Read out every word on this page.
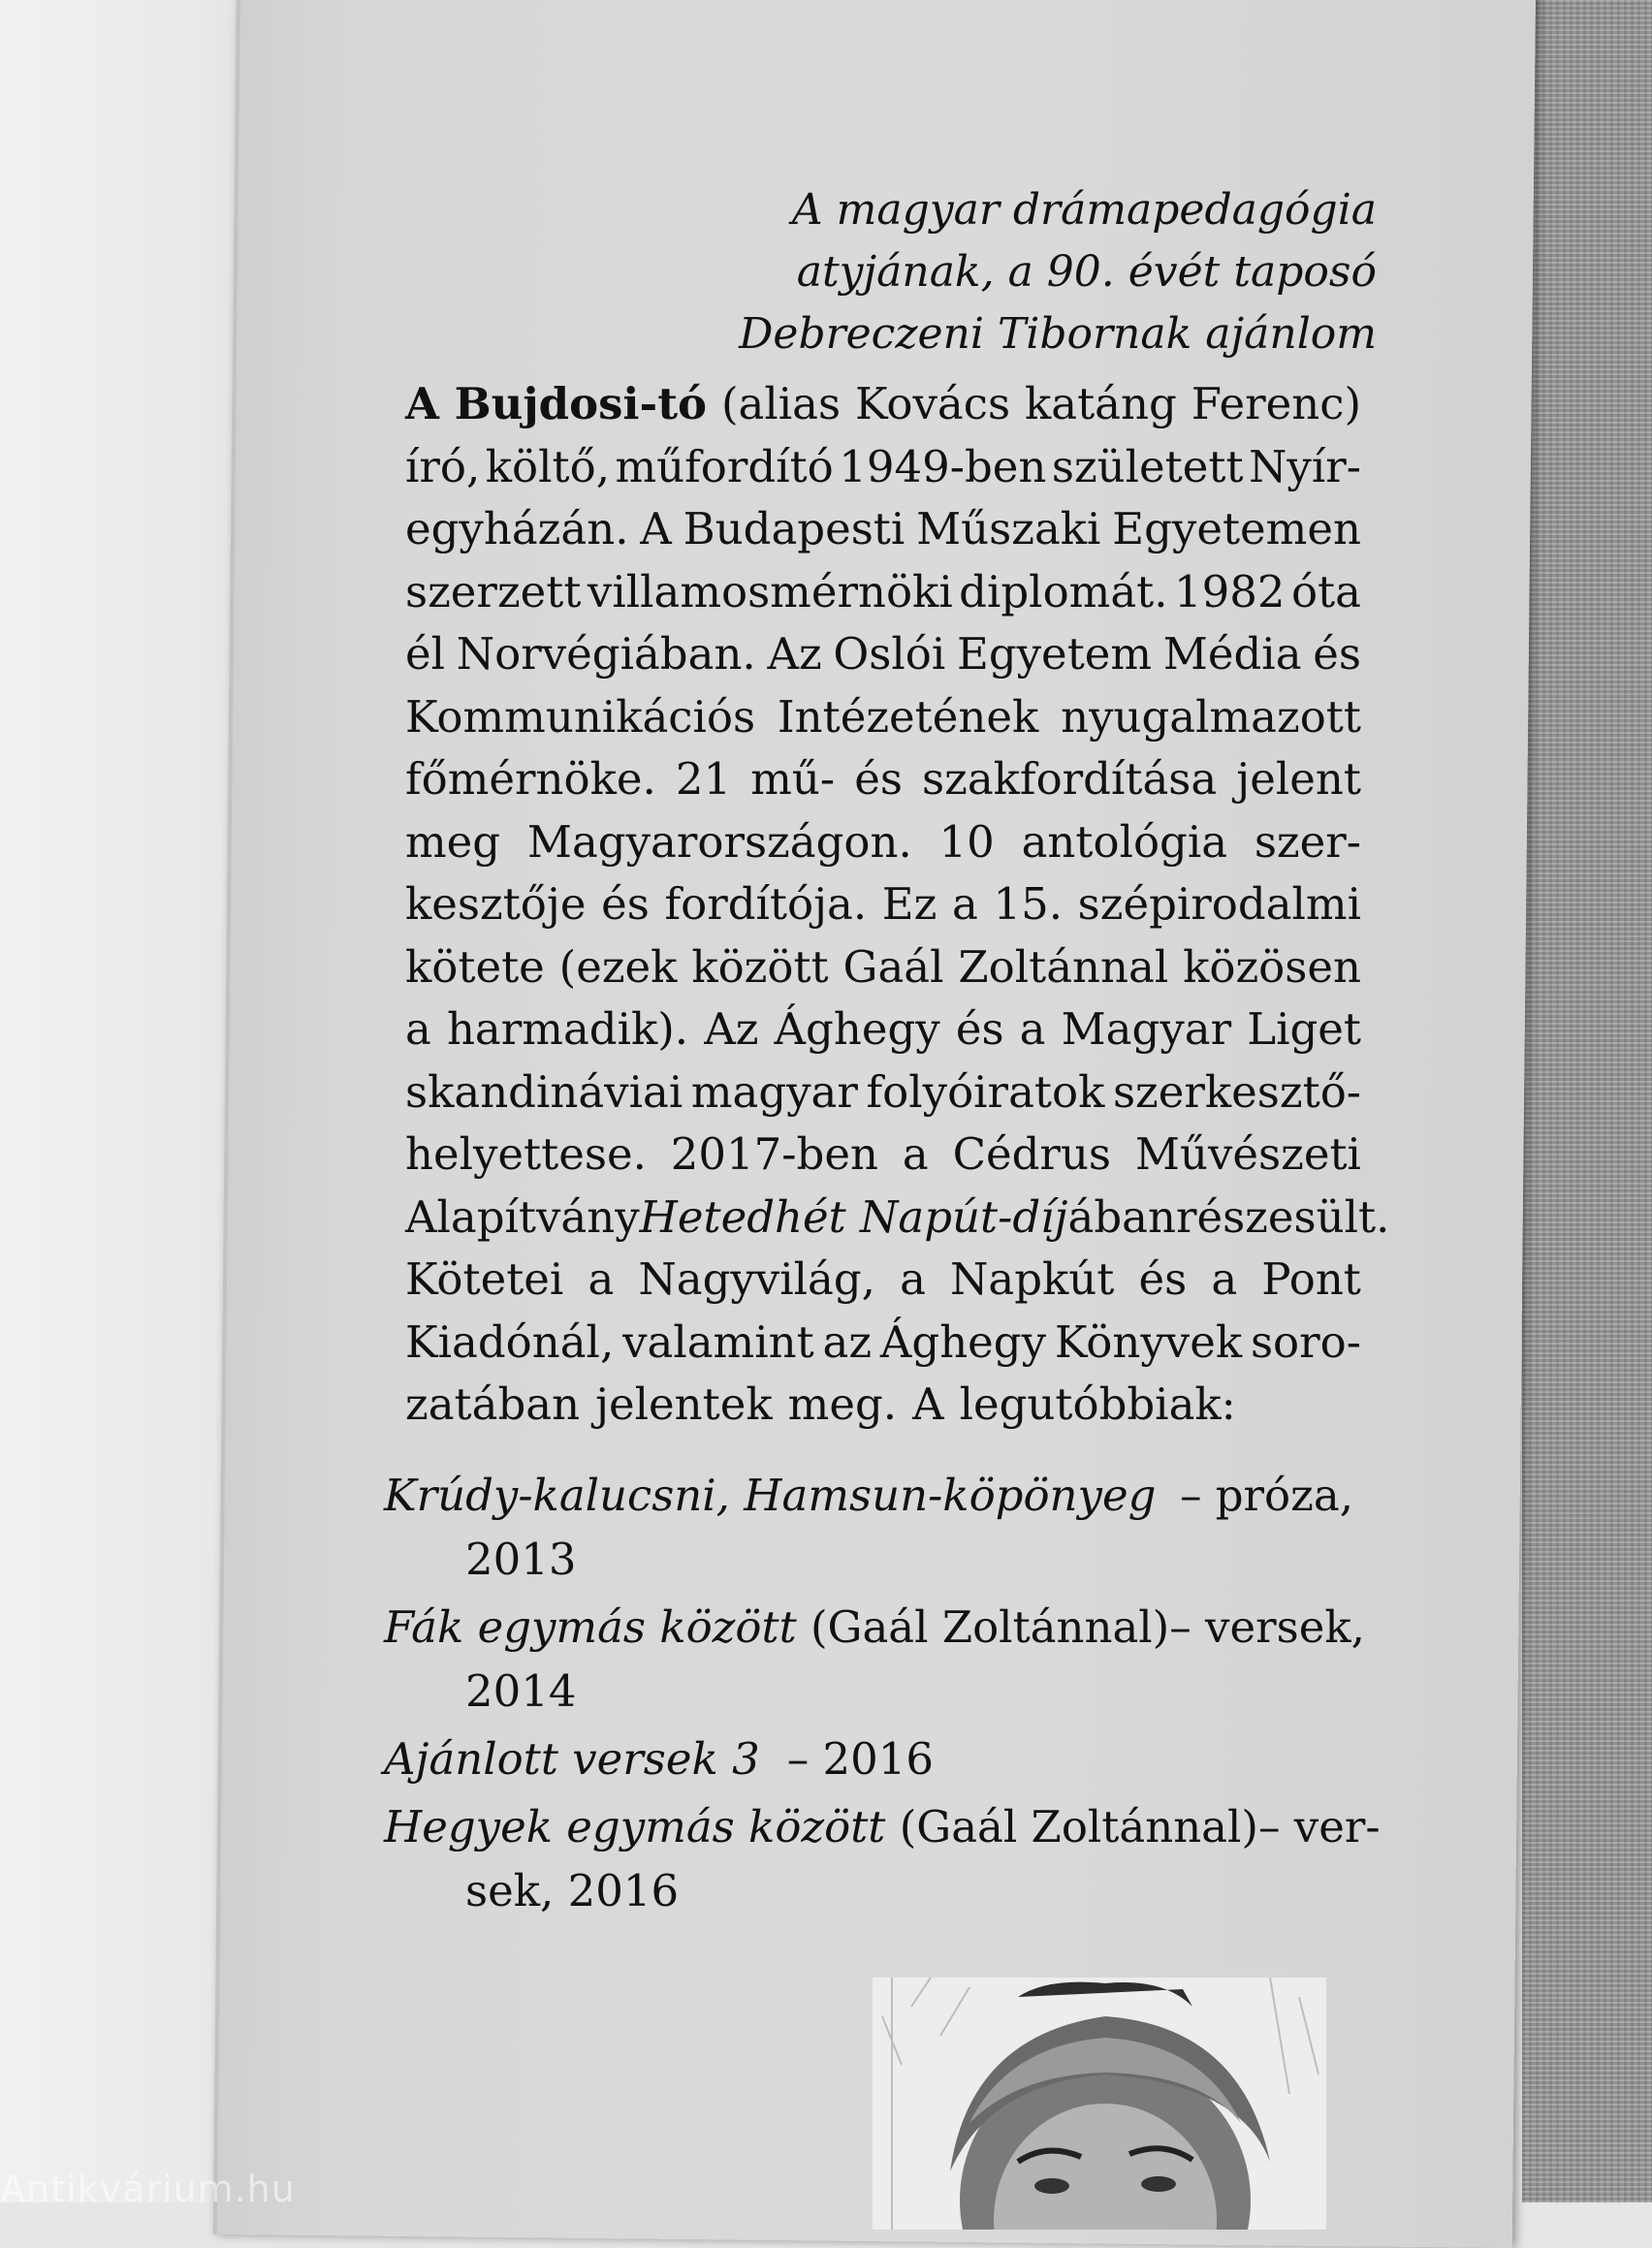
A magyar drámapedagógia
atyjának, a 90. évét taposó
Debreczeni Tibornak ajánlom
A Bujdosi-tó (alias Kovács katáng Ferenc)
író, költő, műfordító 1949-ben született Nyír-
egyházán. A Budapesti Műszaki Egyetemen
szerzett villamosmérnöki diplomát. 1982 óta
él Norvégiában. Az Oslói Egyetem Média és
Kommunikációs Intézetének nyugalmazott
főmérnöke. 21 mű- és szakfordítása jelent
meg Magyarországon. 10 antológia szer-
kesztője és fordítója. Ez a 15. szépirodalmi
kötete (ezek között Gaál Zoltánnal közösen
a harmadik). Az Ághegy és a Magyar Liget
skandináviai magyar folyóiratok szerkesztő-
helyettese. 2017-ben a Cédrus Művészeti
Alapítvány Hetedhét Napút-díjában részesült.
Kötetei a Nagyvilág, a Napkút és a Pont
Kiadónál, valamint az Ághegy Könyvek soro-
zatában jelentek meg. A legutóbbiak:
Krúdy-kalucsni, Hamsun-köpönyeg – próza,
2013
Fák egymás között (Gaál Zoltánnal) – versek,
2014
Ajánlott versek 3 – 2016
Hegyek egymás között (Gaál Zoltánnal) – ver-
sek, 2016
Antikvárium.hu
